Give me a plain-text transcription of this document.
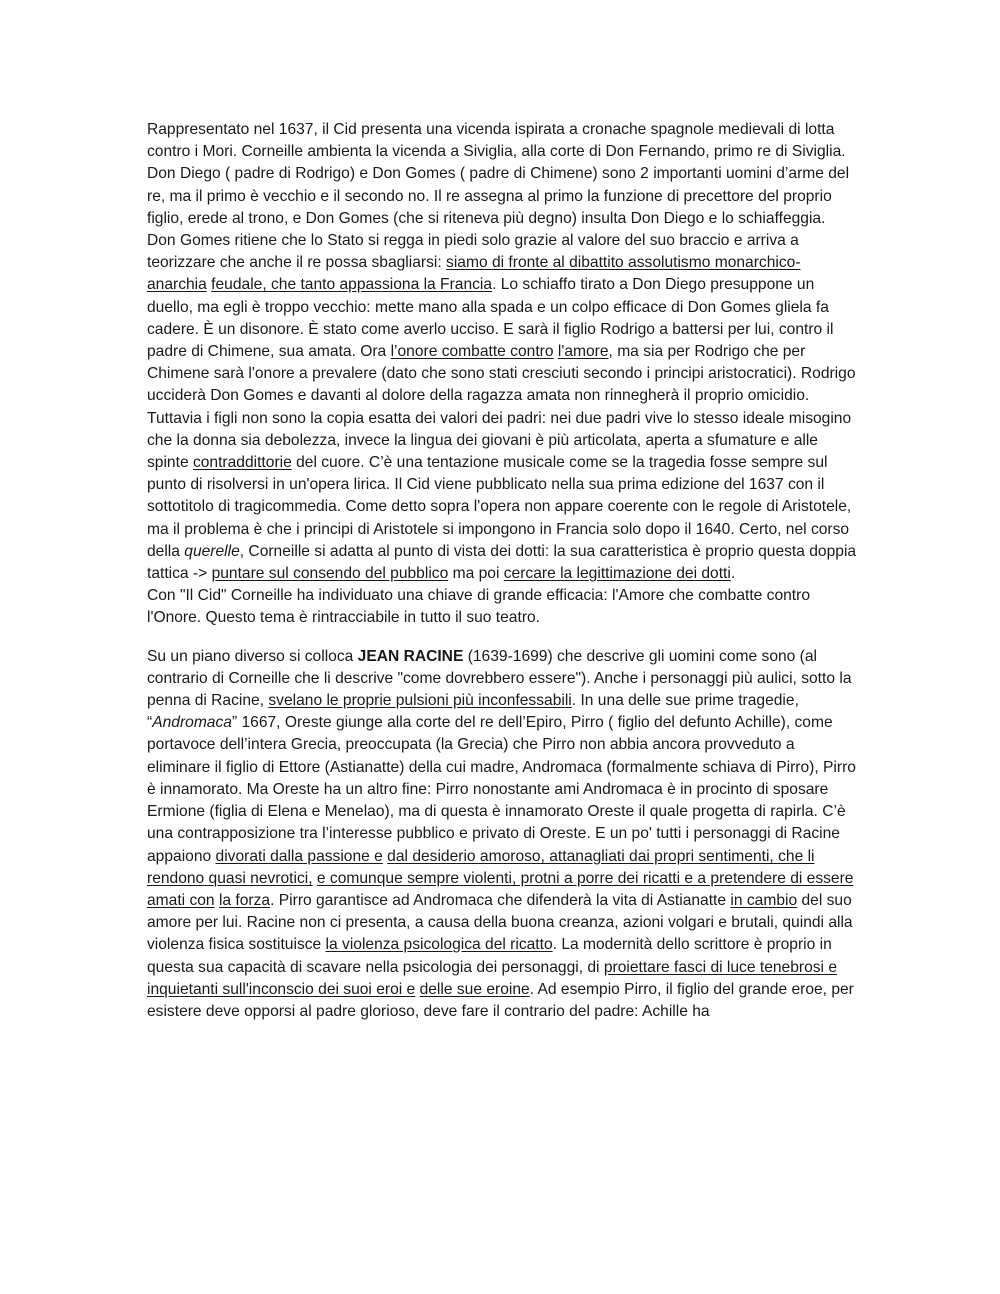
Rappresentato nel 1637, il Cid presenta una vicenda ispirata a cronache spagnole medievali di lotta contro i Mori. Corneille ambienta la vicenda a Siviglia, alla corte di Don Fernando, primo re di Siviglia. Don Diego ( padre di Rodrigo) e Don Gomes ( padre di Chimene) sono 2 importanti uomini d’arme del re, ma il primo è vecchio e il secondo no. Il re assegna al primo la funzione di precettore del proprio figlio, erede al trono, e Don Gomes (che si riteneva più degno) insulta Don Diego e lo schiaffeggia. Don Gomes ritiene che lo Stato si regga in piedi solo grazie al valore del suo braccio e arriva a teorizzare che anche il re possa sbagliarsi: siamo di fronte al dibattito assolutismo monarchico-anarchia feudale, che tanto appassiona la Francia. Lo schiaffo tirato a Don Diego presuppone un duello, ma egli è troppo vecchio: mette mano alla spada e un colpo efficace di Don Gomes gliela fa cadere. È un disonore. È stato come averlo ucciso. E sarà il figlio Rodrigo a battersi per lui, contro il padre di Chimene, sua amata. Ora l’onore combatte contro l'amore, ma sia per Rodrigo che per Chimene sarà l'onore a prevalere (dato che sono stati cresciuti secondo i principi aristocratici). Rodrigo ucciderà Don Gomes e davanti al dolore della ragazza amata non rinnegherà il proprio omicidio. Tuttavia i figli non sono la copia esatta dei valori dei padri: nei due padri vive lo stesso ideale misogino che la donna sia debolezza, invece la lingua dei giovani è più articolata, aperta a sfumature e alle spinte contraddittorie del cuore. C’è una tentazione musicale come se la tragedia fosse sempre sul punto di risolversi in un'opera lirica. Il Cid viene pubblicato nella sua prima edizione del 1637 con il sottotitolo di tragicommedia. Come detto sopra l'opera non appare coerente con le regole di Aristotele, ma il problema è che i principi di Aristotele si impongono in Francia solo dopo il 1640. Certo, nel corso della querelle, Corneille si adatta al punto di vista dei dotti: la sua caratteristica è proprio questa doppia tattica -> puntare sul consendo del pubblico ma poi cercare la legittimazione dei dotti.

Con "Il Cid" Corneille ha individuato una chiave di grande efficacia: l'Amore che combatte contro l'Onore. Questo tema è rintracciabile in tutto il suo teatro.

Su un piano diverso si colloca JEAN RACINE (1639-1699) che descrive gli uomini come sono (al contrario di Corneille che li descrive "come dovrebbero essere"). Anche i personaggi più aulici, sotto la penna di Racine, svelano le proprie pulsioni più inconfessabili. In una delle sue prime tragedie, “Andromaca” 1667, Oreste giunge alla corte del re dell’Epiro, Pirro ( figlio del defunto Achille), come portavoce dell’intera Grecia, preoccupata (la Grecia) che Pirro non abbia ancora provveduto a eliminare il figlio di Ettore (Astianatte) della cui madre, Andromaca (formalmente schiava di Pirro), Pirro è innamorato. Ma Oreste ha un altro fine: Pirro nonostante ami Andromaca è in procinto di sposare Ermione (figlia di Elena e Menelao), ma di questa è innamorato Oreste il quale progetta di rapirla. C’è una contrapposizione tra l’interesse pubblico e privato di Oreste. E un po' tutti i personaggi di Racine appaiono divorati dalla passione e dal desiderio amoroso, attanagliati dai propri sentimenti, che li rendono quasi nevrotici, e comunque sempre violenti, protni a porre dei ricatti e a pretendere di essere amati con la forza. Pirro garantisce ad Andromaca che difenderà la vita di Astianatte in cambio del suo amore per lui. Racine non ci presenta, a causa della buona creanza, azioni volgari e brutali, quindi alla violenza fisica sostituisce la violenza psicologica del ricatto. La modernità dello scrittore è proprio in questa sua capacità di scavare nella psicologia dei personaggi, di proiettare fasci di luce tenebrosi e inquietanti sull'inconscio dei suoi eroi e delle sue eroine. Ad esempio Pirro, il figlio del grande eroe, per esistere deve opporsi al padre glorioso, deve fare il contrario del padre: Achille ha
